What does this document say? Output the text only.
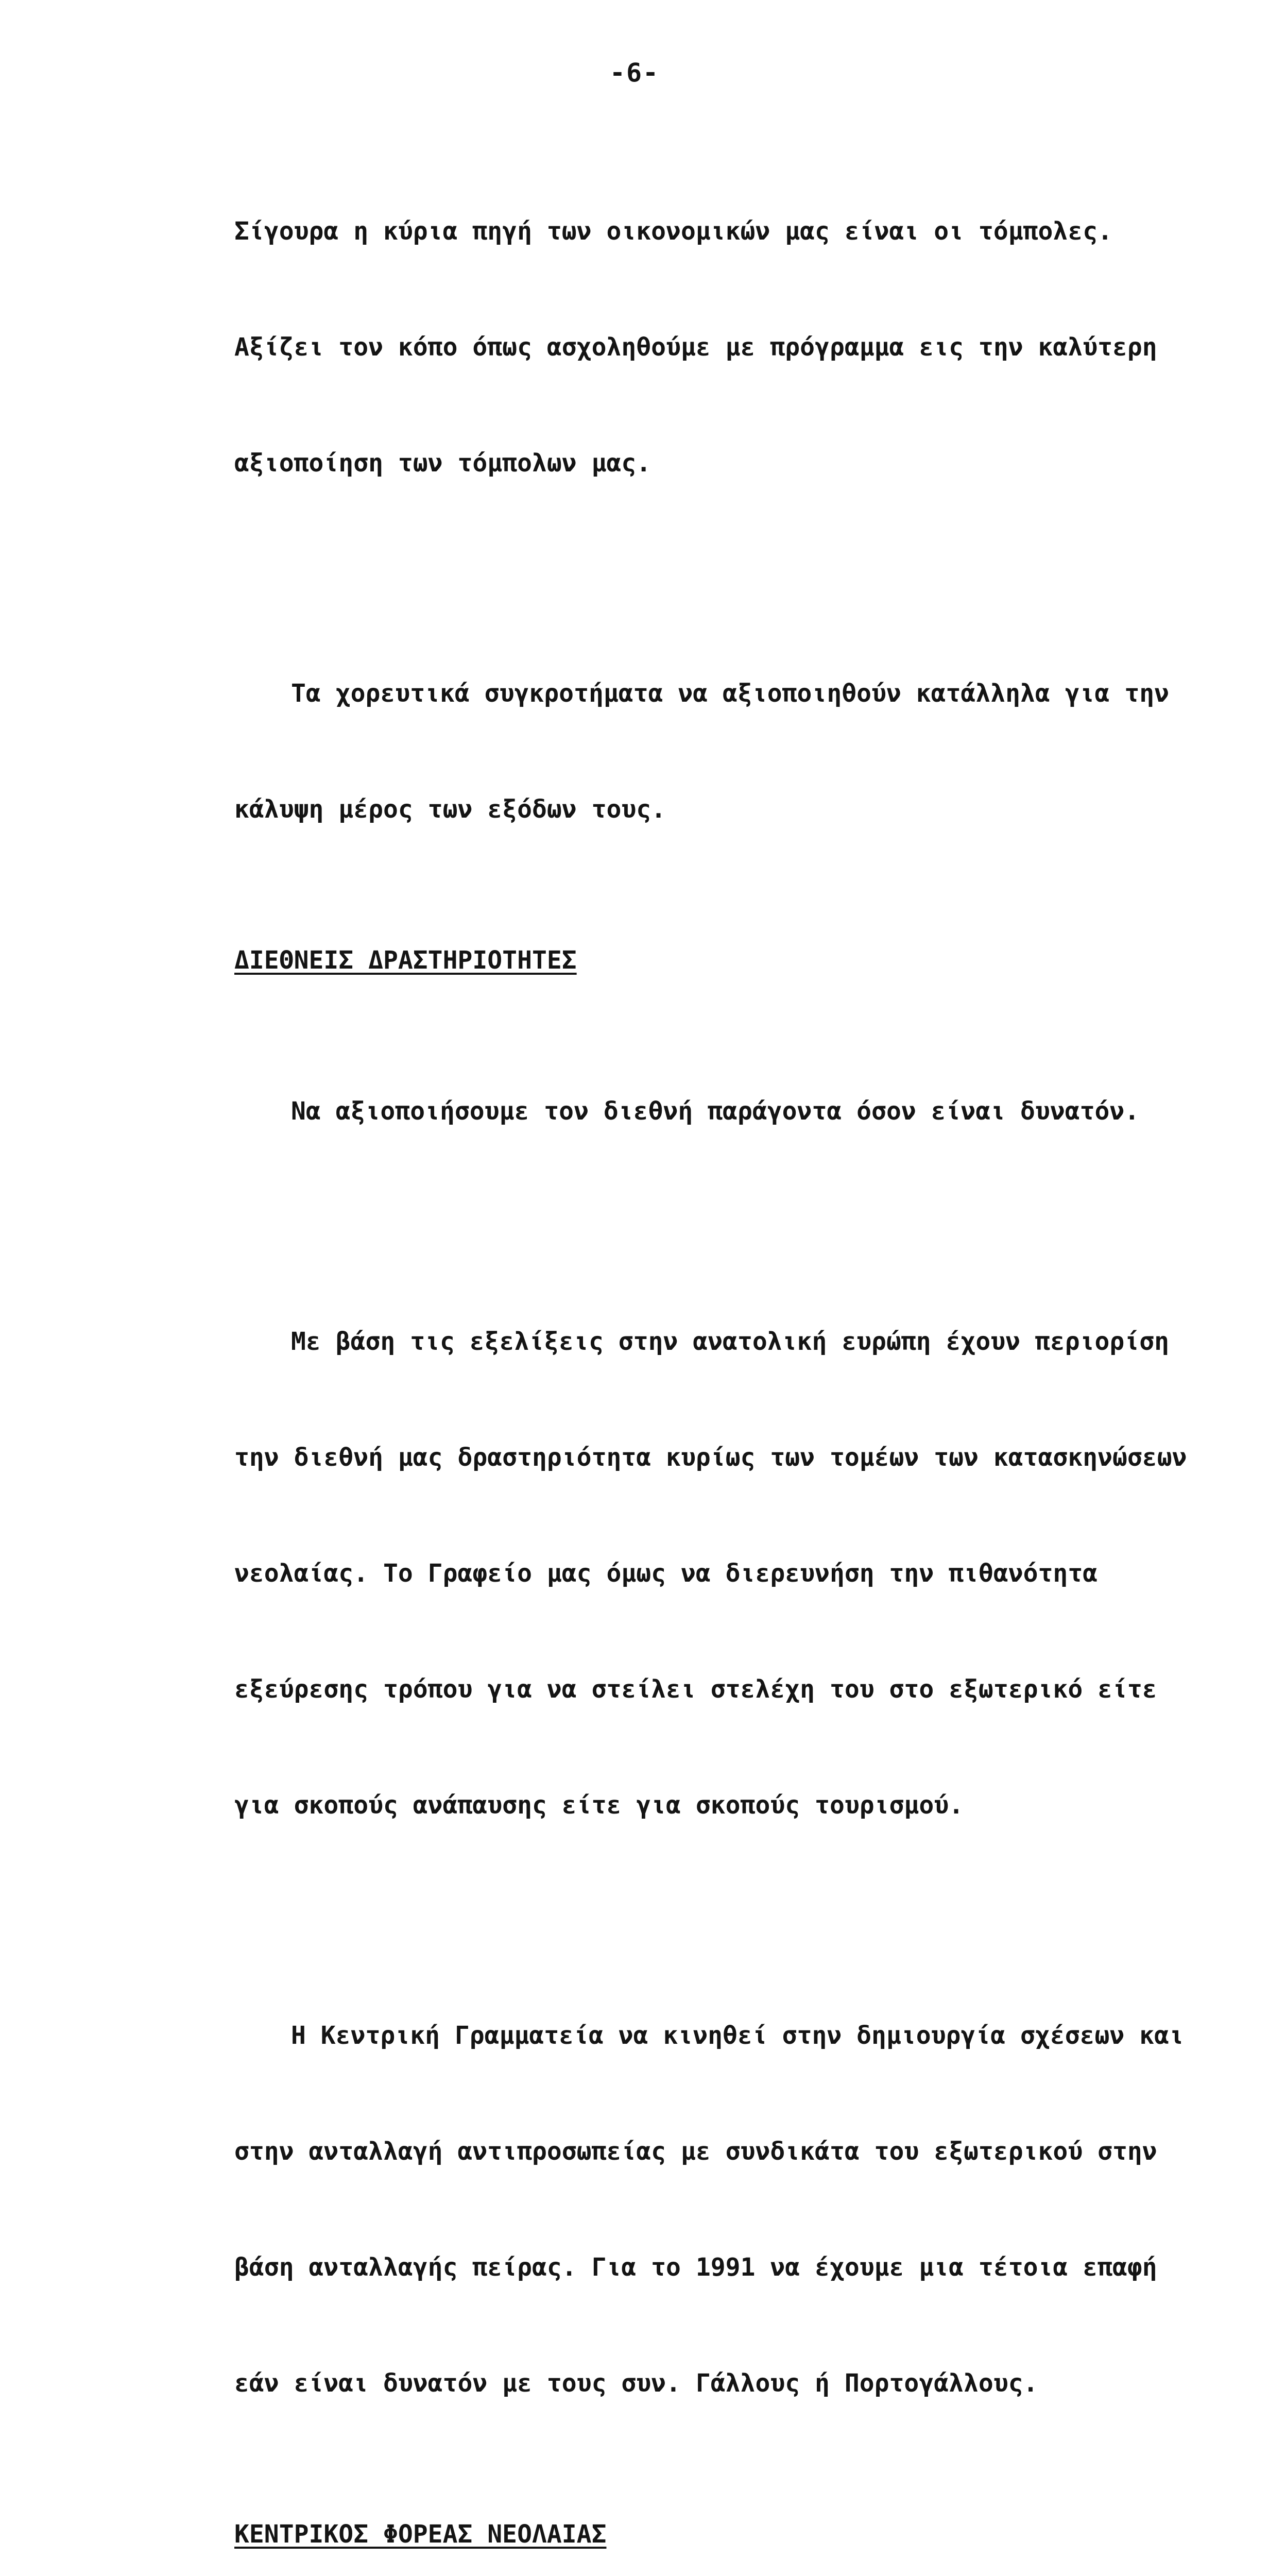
-6-

Σίγουρα η κύρια πηγή των οικονομικών μας είναι οι τόμπολες.

Αξίζει τον κόπο όπως ασχοληθούμε με πρόγραμμα εις την καλύτερη

αξιοποίηση των τόμπολων μας.

Τα χορευτικά συγκροτήματα να αξιοποιηθούν κατάλληλα για την

κάλυψη μέρος των εξόδων τους.

ΔΙΕΘΝΕΙΣ ΔΡΑΣΤΗΡΙΟΤΗΤΕΣ

Να αξιοποιήσουμε τον διεθνή παράγοντα όσον είναι δυνατόν.

Με βάση τις εξελίξεις στην ανατολική ευρώπη έχουν περιορίση

την διεθνή μας δραστηριότητα κυρίως των τομέων των κατασκηνώσεων

νεολαίας. Το Γραφείο μας όμως να διερευνήση την πιθανότητα

εξεύρεσης τρόπου για να στείλει στελέχη του στο εξωτερικό είτε

για σκοπούς ανάπαυσης είτε για σκοπούς τουρισμού.

Η Κεντρική Γραμματεία να κινηθεί στην δημιουργία σχέσεων και

στην ανταλλαγή αντιπροσωπείας με συνδικάτα του εξωτερικού στην

βάση ανταλλαγής πείρας. Για το 1991 να έχουμε μια τέτοια επαφή

εάν είναι δυνατόν με τους συν. Γάλλους ή Πορτογάλλους.

ΚΕΝΤΡΙΚΟΣ ΦΟΡΕΑΣ ΝΕΟΛΑΙΑΣ
